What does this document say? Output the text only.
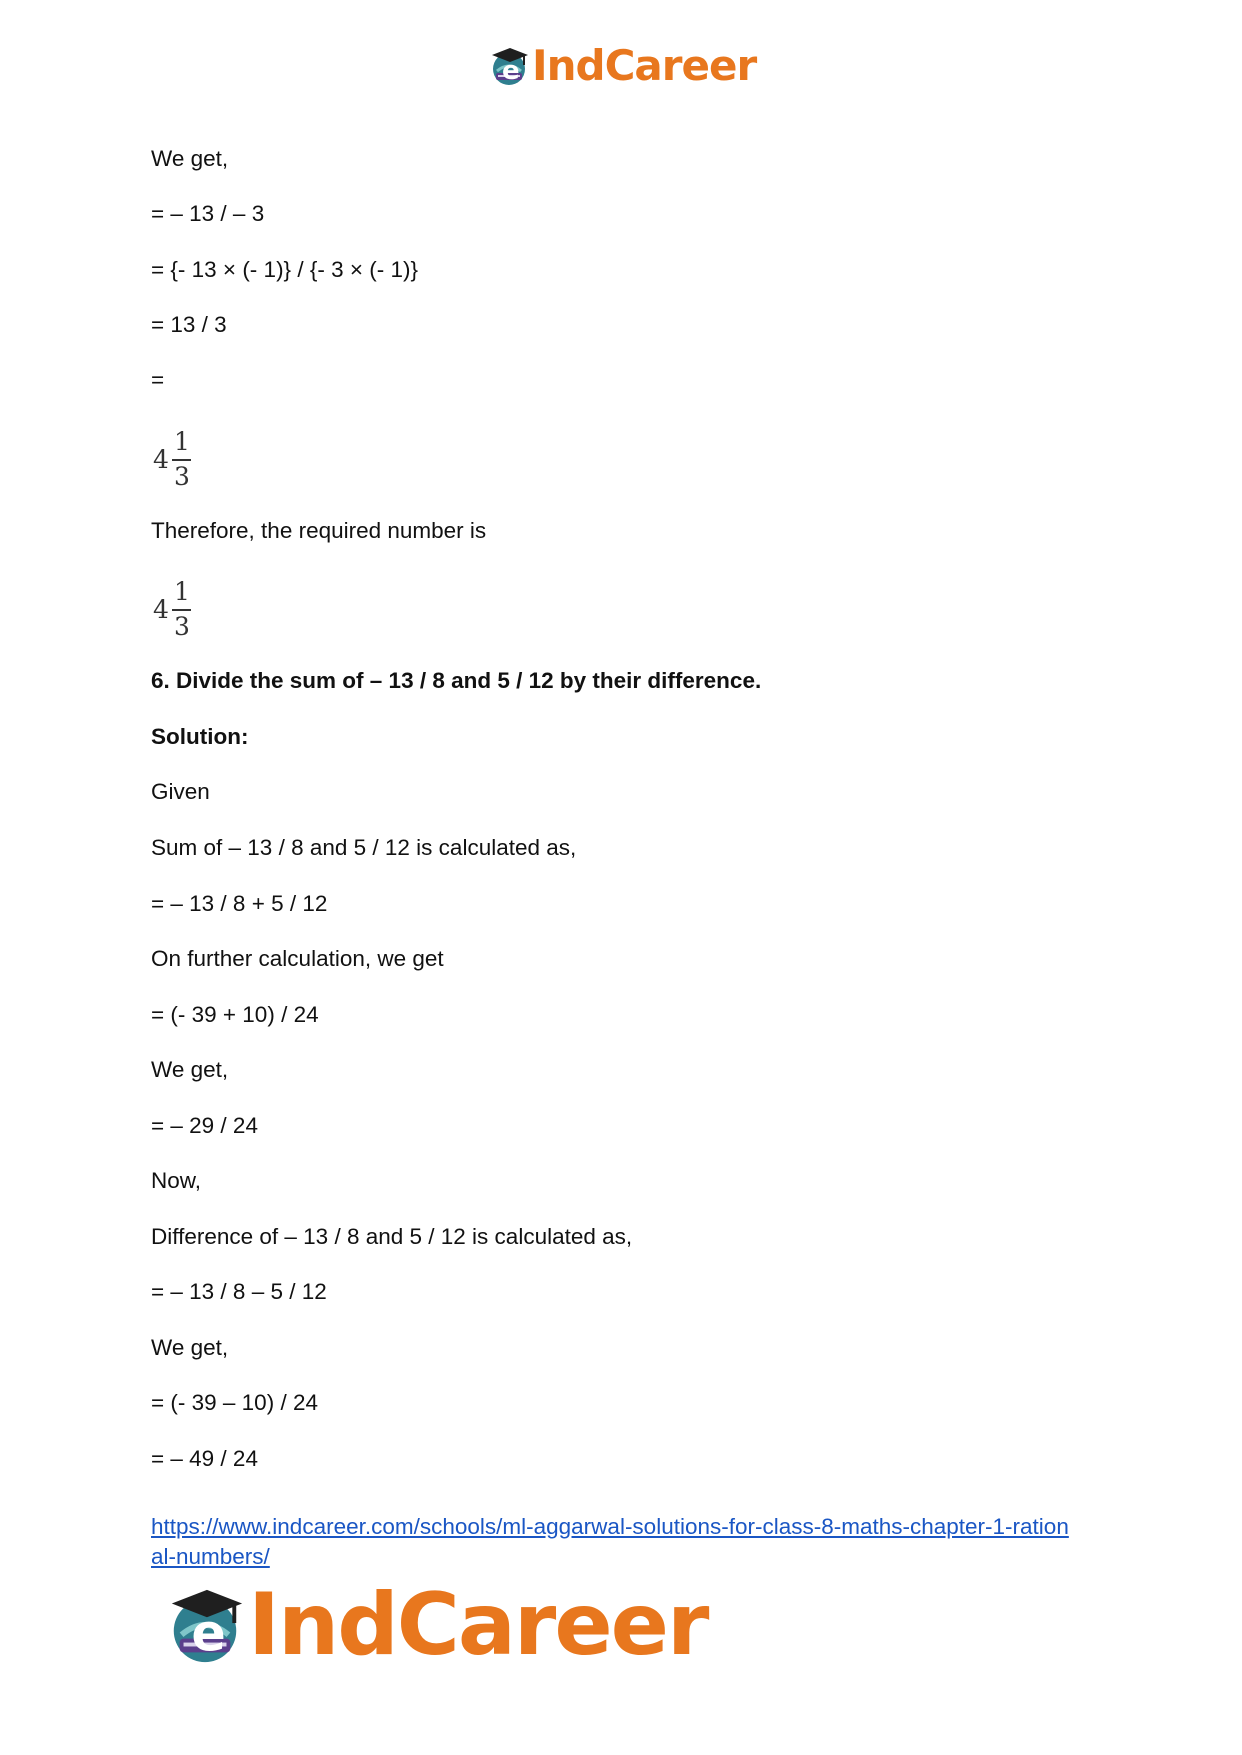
e IndCareer
We get,
= – 13 / – 3
= {- 13 × (- 1)} / {- 3 × (- 1)}
= 13 / 3
=
4
1
3
Therefore, the required number is
4
1
3
6. Divide the sum of – 13 / 8 and 5 / 12 by their difference.
Solution:
Given
Sum of – 13 / 8 and 5 / 12 is calculated as,
= – 13 / 8 + 5 / 12
On further calculation, we get
= (- 39 + 10) / 24
We get,
= – 29 / 24
Now,
Difference of – 13 / 8 and 5 / 12 is calculated as,
= – 13 / 8 – 5 / 12
We get,
= (- 39 – 10) / 24
= – 49 / 24
https://www.indcareer.com/schools/ml-aggarwal-solutions-for-class-8-maths-chapter-1-ration
al-numbers/
e IndCareer
